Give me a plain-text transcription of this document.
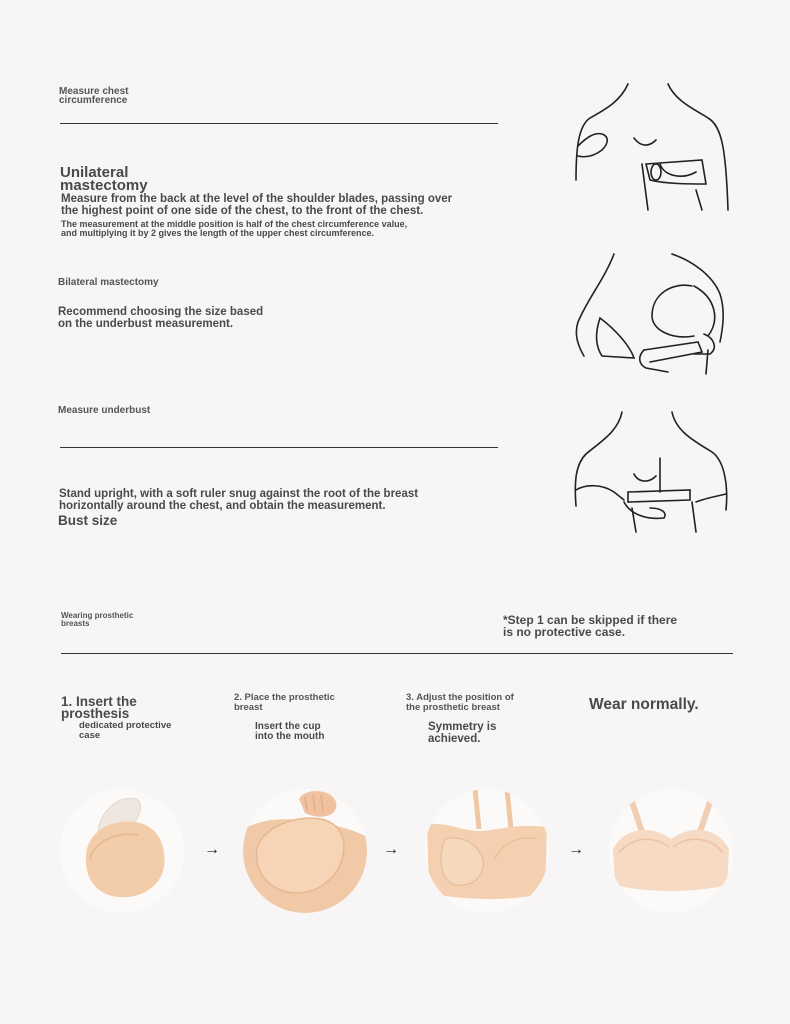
Measure chest
circumference
Unilateral
mastectomy
Measure from the back at the level of the shoulder blades, passing over
the highest point of one side of the chest, to the front of the chest.
The measurement at the middle position is half of the chest circumference value,
and multiplying it by 2 gives the length of the upper chest circumference.
Bilateral mastectomy
Recommend choosing the size based
on the underbust measurement.
Measure underbust
Stand upright, with a soft ruler snug against the root of the breast
horizontally around the chest, and obtain the measurement.
Bust size
Wearing prosthetic
breasts	*Step 1 can be skipped if there
is no protective case.
1. Insert the
prosthesis
dedicated protective
case
2. Place the prosthetic
breast
Insert the cup
into the mouth
3. Adjust the position of
the prosthetic breast
Symmetry is
achieved.
Wear normally.
→	→	→
